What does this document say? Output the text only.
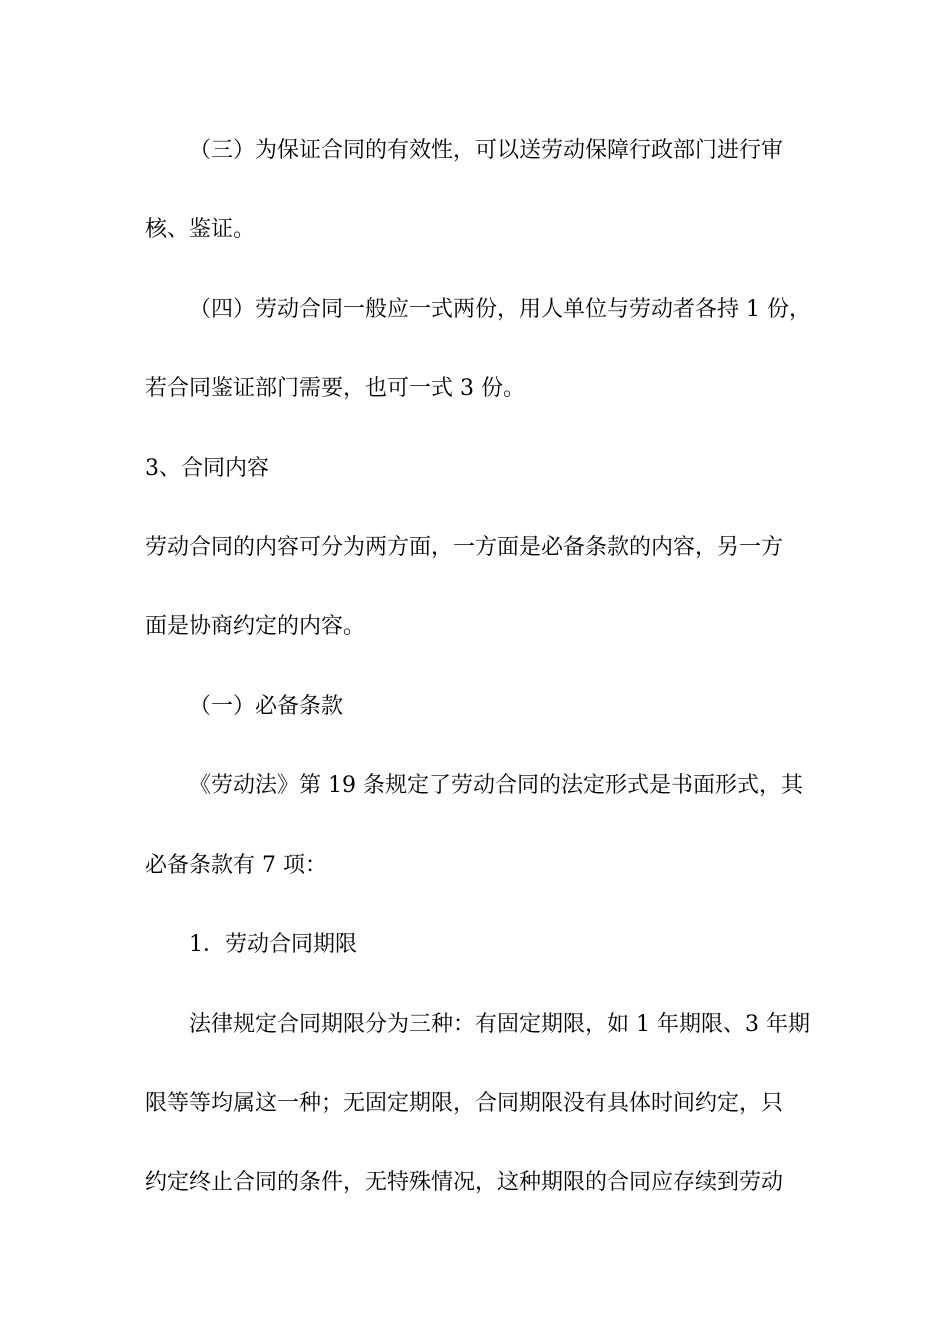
（三）为保证合同的有效性，可以送劳动保障行政部门进行审

核、鉴证。

（四）劳动合同一般应一式两份，用人单位与劳动者各持 1 份，

若合同鉴证部门需要，也可一式 3 份。

3、合同内容

劳动合同的内容可分为两方面，一方面是必备条款的内容，另一方

面是协商约定的内容。

（一）必备条款

《劳动法》第 19 条规定了劳动合同的法定形式是书面形式，其

必备条款有 7 项：

1．劳动合同期限

法律规定合同期限分为三种：有固定期限，如 1 年期限、3 年期

限等等均属这一种；无固定期限，合同期限没有具体时间约定，只

约定终止合同的条件，无特殊情况，这种期限的合同应存续到劳动
